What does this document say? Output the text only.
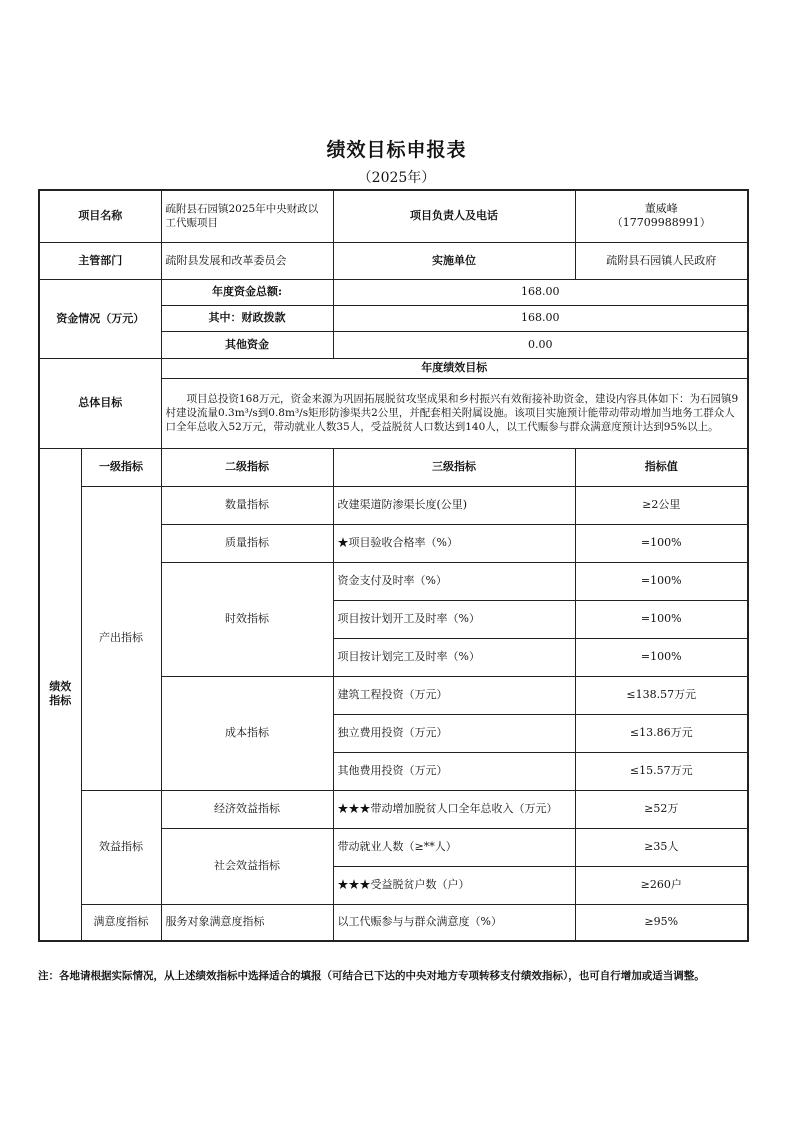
绩效目标申报表
（2025年）
项目名称		疏附县石园镇2025年中央财政以工代赈项目	项目负责人及电话	董威峰
（17709988991）

主管部门		疏附县发展和改革委员会	实施单位	疏附县石园镇人民政府
资金情况（万元）		年度资金总额:	168.00	
		其中：财政拨款	168.00	
		其他资金	0.00	
总体目标		年度绩效目标		
		项目总投资168万元，资金来源为巩固拓展脱贫攻坚成果和乡村振兴有效衔接补助资金，建设内容具体如下：为石园镇9村建设流量0.3m³/s到0.8m³/s矩形防渗渠共2公里，并配套相关附属设施。该项目实施预计能带动带动增加当地务工群众人口全年总收入52万元，带动就业人数35人，受益脱贫人口数达到140人，以工代赈参与群众满意度预计达到95%以上。		
绩效指标	一级指标	二级指标	三级指标	指标值
	产出指标	数量指标	改建渠道防渗渠长度(公里)	≥2公里
		质量指标	★项目验收合格率（%）	=100%
		时效指标	资金支付及时率（%）	=100%
			项目按计划开工及时率（%）	=100%
			项目按计划完工及时率（%）	=100%
		成本指标	建筑工程投资（万元）	≤138.57万元
			独立费用投资（万元）	≤13.86万元
			其他费用投资（万元）	≤15.57万元
	效益指标	经济效益指标	★★★带动增加脱贫人口全年总收入（万元）	≥52万
		社会效益指标	带动就业人数（≥**人）	≥35人
			★★★受益脱贫户数（户）	≥260户
	满意度指标	服务对象满意度指标	以工代赈参与与群众满意度（%）	≥95%
注：各地请根据实际情况，从上述绩效指标中选择适合的填报（可结合已下达的中央对地方专项转移支付绩效指标），也可自行增加或适当调整。
